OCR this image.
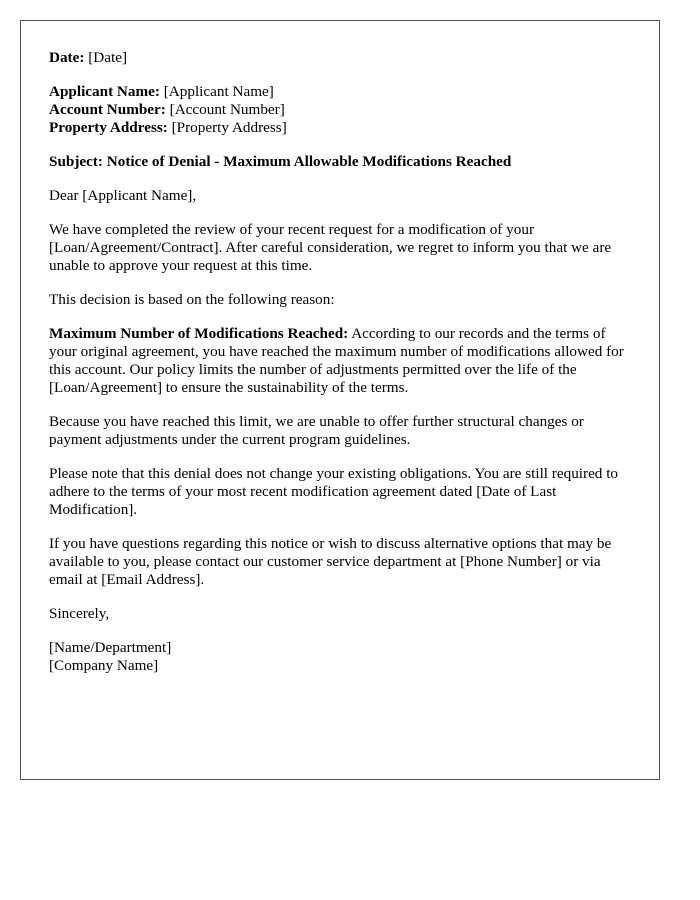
Date: [Date]
Applicant Name: [Applicant Name]
Account Number: [Account Number]
Property Address: [Property Address]
Subject: Notice of Denial - Maximum Allowable Modifications Reached

Dear [Applicant Name],

We have completed the review of your recent request for a modification of your [Loan/Agreement/Contract]. After careful consideration, we regret to inform you that we are unable to approve your request at this time.

This decision is based on the following reason:

Maximum Number of Modifications Reached: According to our records and the terms of your original agreement, you have reached the maximum number of modifications allowed for this account. Our policy limits the number of adjustments permitted over the life of the [Loan/Agreement] to ensure the sustainability of the terms.

Because you have reached this limit, we are unable to offer further structural changes or payment adjustments under the current program guidelines.

Please note that this denial does not change your existing obligations. You are still required to adhere to the terms of your most recent modification agreement dated [Date of Last Modification].

If you have questions regarding this notice or wish to discuss alternative options that may be available to you, please contact our customer service department at [Phone Number] or via email at [Email Address].

Sincerely,

[Name/Department]

[Company Name]
